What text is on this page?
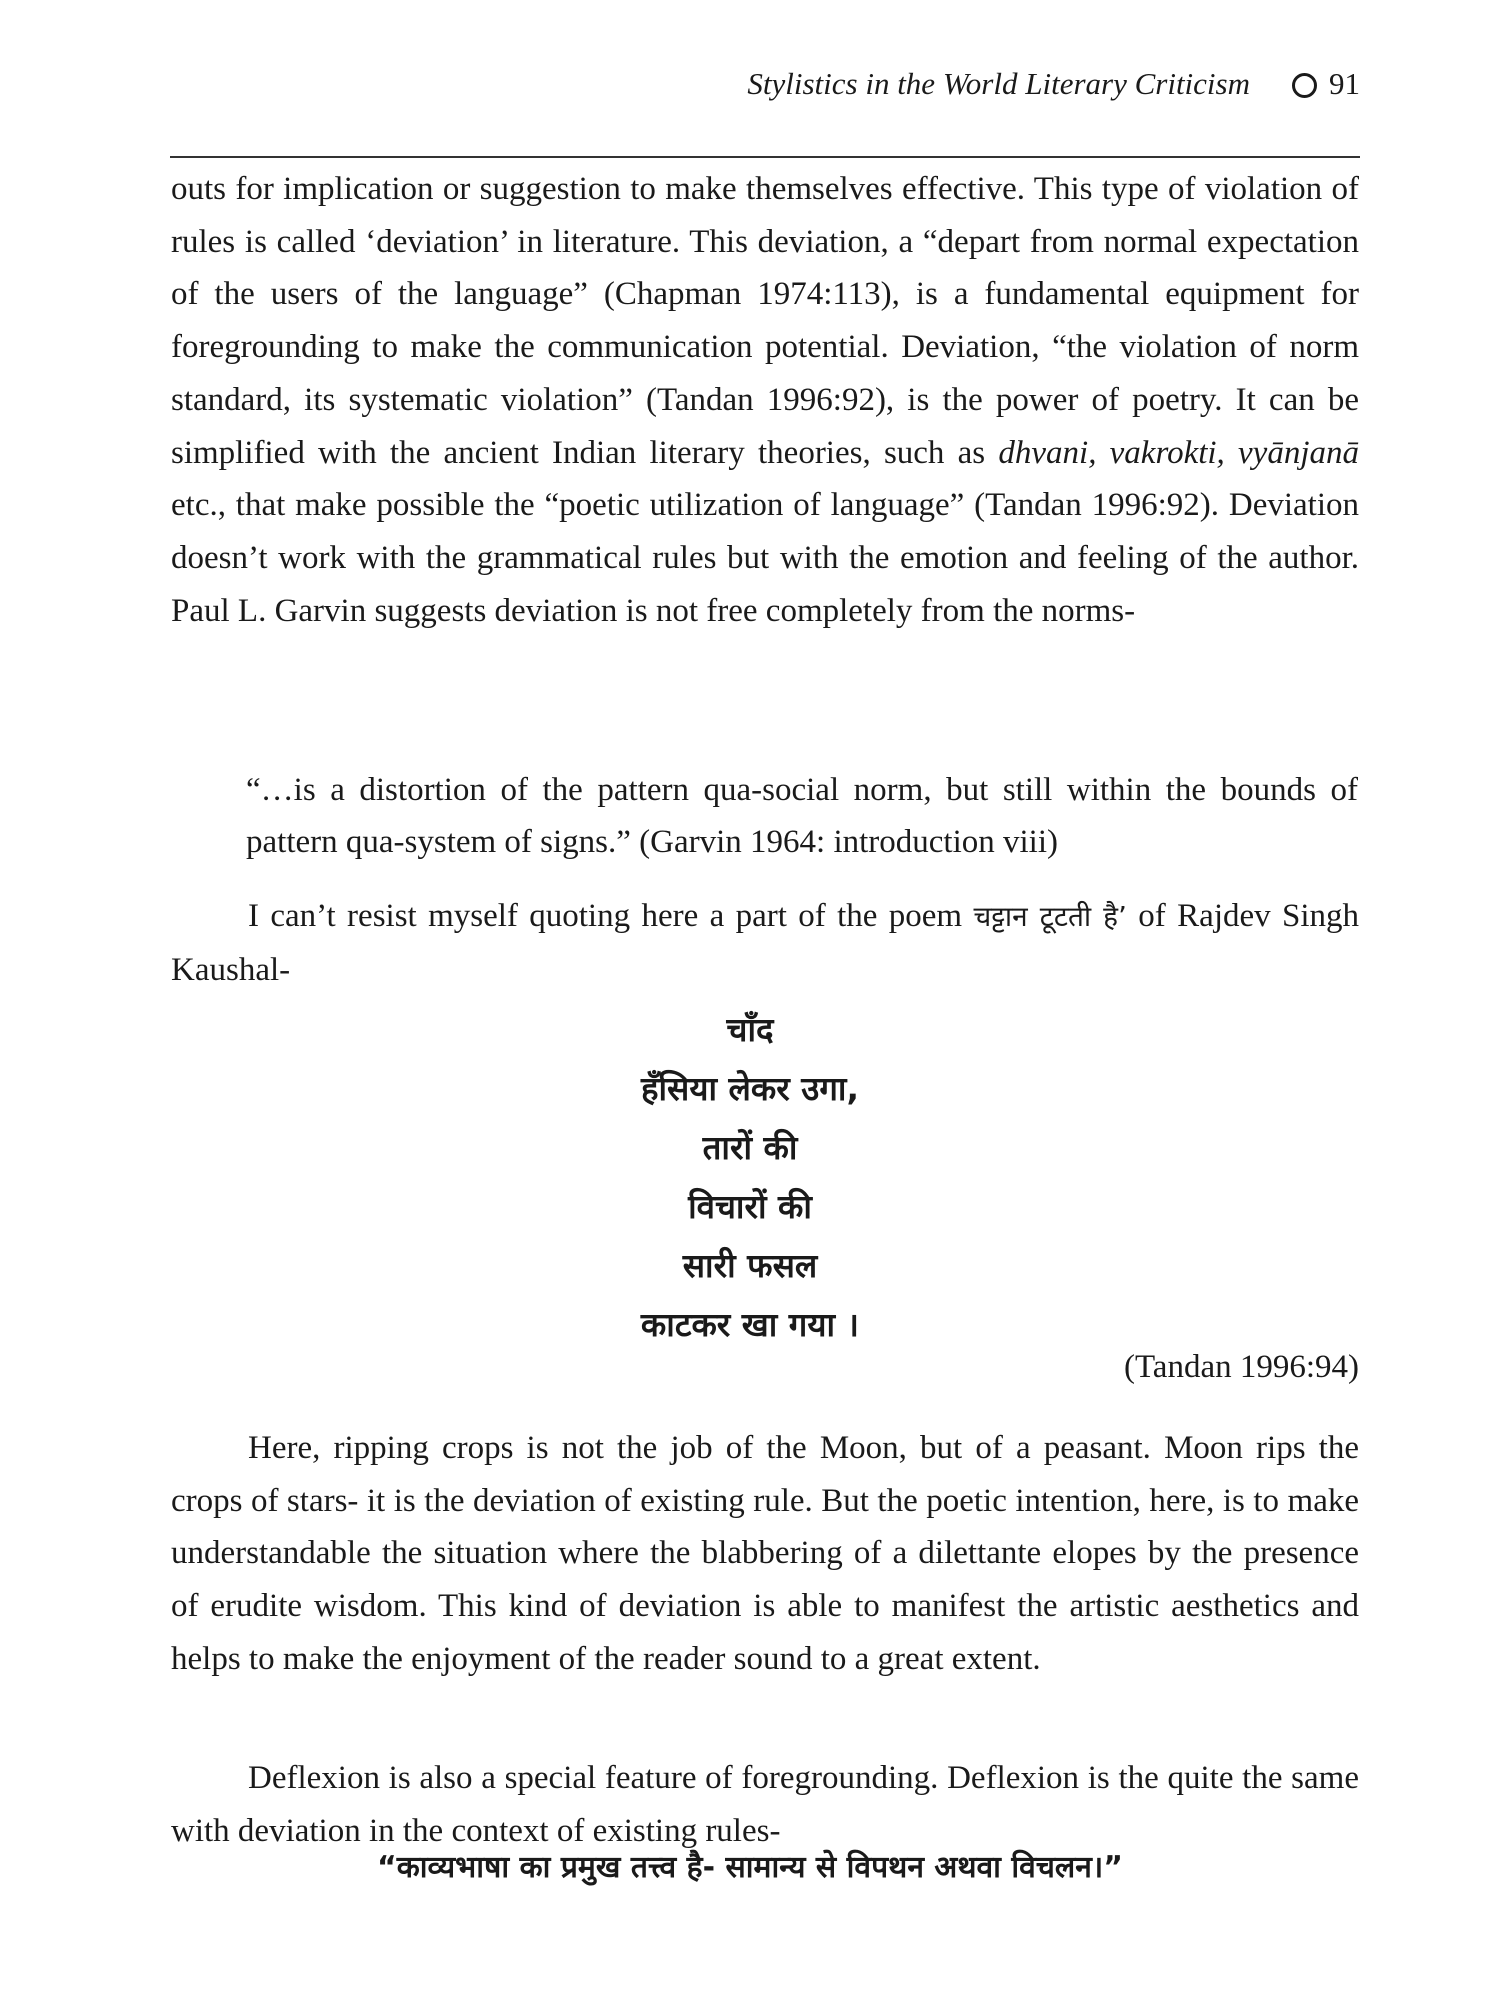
Stylistics in the World Literary Criticism	91

outs for implication or suggestion to make themselves effective. This type of violation of rules is called ‘deviation’ in literature. This deviation, a “depart from normal expectation of the users of the language” (Chapman 1974:113), is a fundamental equipment for foregrounding to make the communication potential. Deviation, “the violation of norm standard, its systematic violation” (Tandan 1996:92), is the power of poetry. It can be simplified with the ancient Indian literary theories, such as dhvani, vakrokti, vyānjanā etc., that make possible the “poetic utilization of language” (Tandan 1996:92). Deviation doesn’t work with the grammatical rules but with the emotion and feeling of the author. Paul L. Garvin suggests deviation is not free completely from the norms-

“…is a distortion of the pattern qua-social norm, but still within the bounds of pattern qua-system of signs.” (Garvin 1964: introduction viii)

I can’t resist myself quoting here a part of the poem चट्टान टूटती है’ of Rajdev Singh Kaushal-

चाँद
हँसिया लेकर उगा,
तारों की
विचारों की
सारी फसल
काटकर खा गया ।
(Tandan 1996:94)

Here, ripping crops is not the job of the Moon, but of a peasant. Moon rips the crops of stars- it is the deviation of existing rule. But the poetic intention, here, is to make understandable the situation where the blabbering of a dilettante elopes by the presence of erudite wisdom. This kind of deviation is able to manifest the artistic aesthetics and helps to make the enjoyment of the reader sound to a great extent.

Deflexion is also a special feature of foregrounding. Deflexion is the quite the same with deviation in the context of existing rules-

“काव्यभाषा का प्रमुख तत्त्व है- सामान्य से विपथन अथवा विचलन।”
